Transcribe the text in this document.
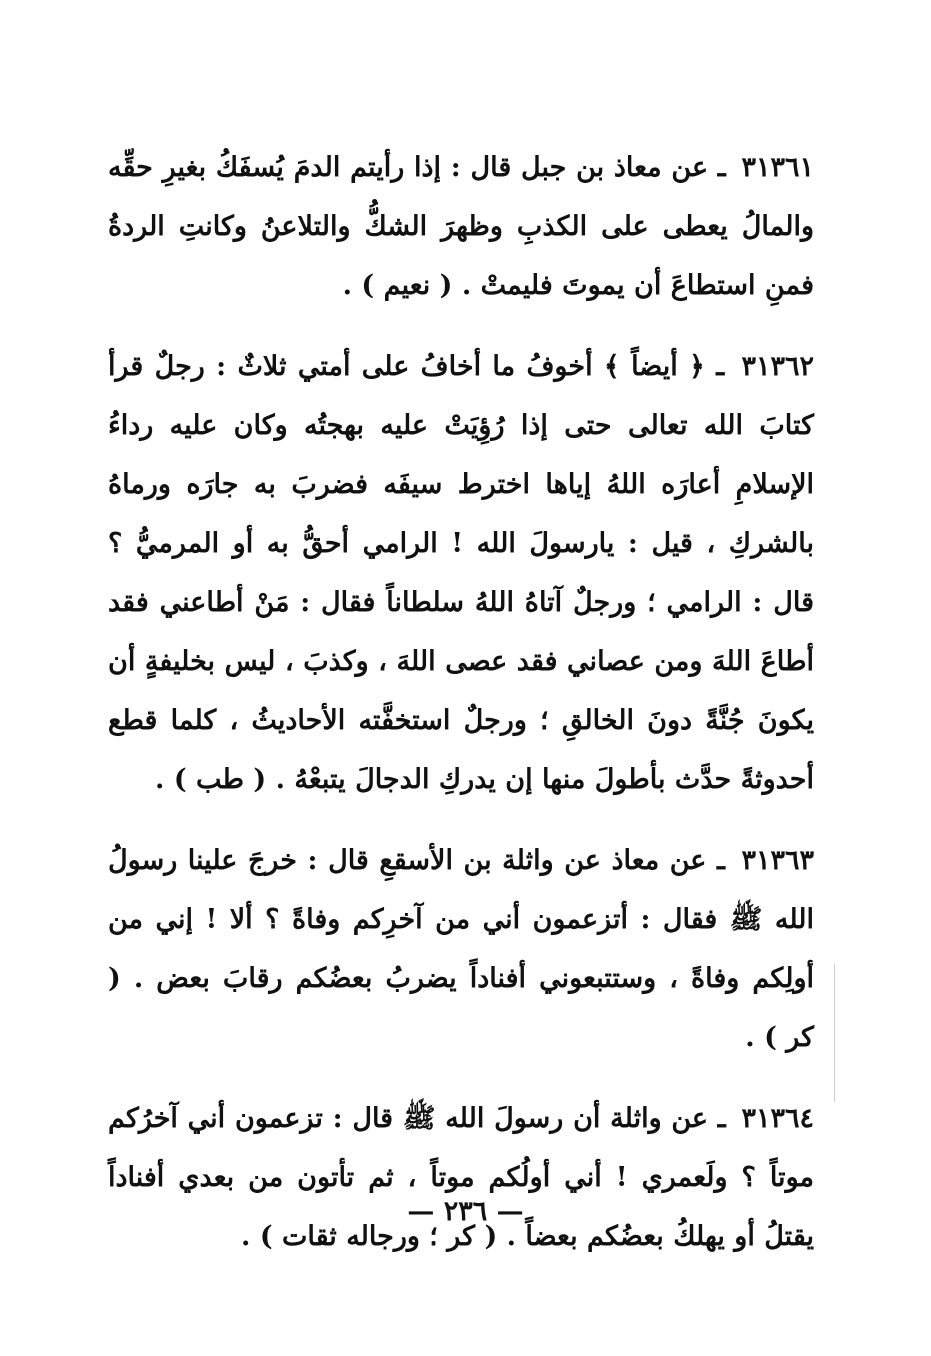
٣١٣٦١ ـ عن معاذ بن جبل قال : إذا رأيتم الدمَ يُسفَكُ بغيرِ حقِّه والمالُ يعطى على الكذبِ وظهرَ الشكُّ والتلاعنُ وكانتِ الردةُ فمنِ استطاعَ أن يموتَ فليمتْ . ( نعيم ) .

٣١٣٦٢ ـ ﴿ أيضاً ﴾ أخوفُ ما أخافُ على أمتي ثلاثٌ : رجلٌ قرأ كتابَ الله تعالى حتى إذا رُؤِيَتْ عليه بهجتُه وكان عليه رداءُ الإسلامِ أعارَه اللهُ إياها اخترط سيفَه فضربَ به جارَه ورماهُ بالشركِ ، قيل : يارسولَ الله ! الرامي أحقُّ به أو المرميُّ ؟ قال : الرامي ؛ ورجلٌ آتاهُ اللهُ سلطاناً فقال : مَنْ أطاعني فقد أطاعَ اللهَ ومن عصاني فقد عصى اللهَ ، وكذبَ ، ليس بخليفةٍ أن يكونَ جُنَّةً دونَ الخالقِ ؛ ورجلٌ استخفَّته الأحاديثُ ، كلما قطع أحدوثةً حدَّث بأطولَ منها إن يدركِ الدجالَ يتبعْهُ . ( طب ) .

٣١٣٦٣ ـ عن معاذ عن واثلة بن الأسقعِ قال : خرجَ علينا رسولُ الله ﷺ فقال : أتزعمون أني من آخرِكم وفاةً ؟ ألا ! إني من أولِكم وفاةً ، وستتبعوني أفناداً يضربُ بعضُكم رقابَ بعض . ( كر ) .

٣١٣٦٤ ـ عن واثلة أن رسولَ الله ﷺ قال : تزعمون أني آخرُكم موتاً ؟ ولَعمري ! أني أولُكم موتاً ، ثم تأتون من بعدي أفناداً يقتلُ أو يهلكُ بعضُكم بعضاً . ( كر ؛ ورجاله ثقات ) .

— ٢٣٦ —
